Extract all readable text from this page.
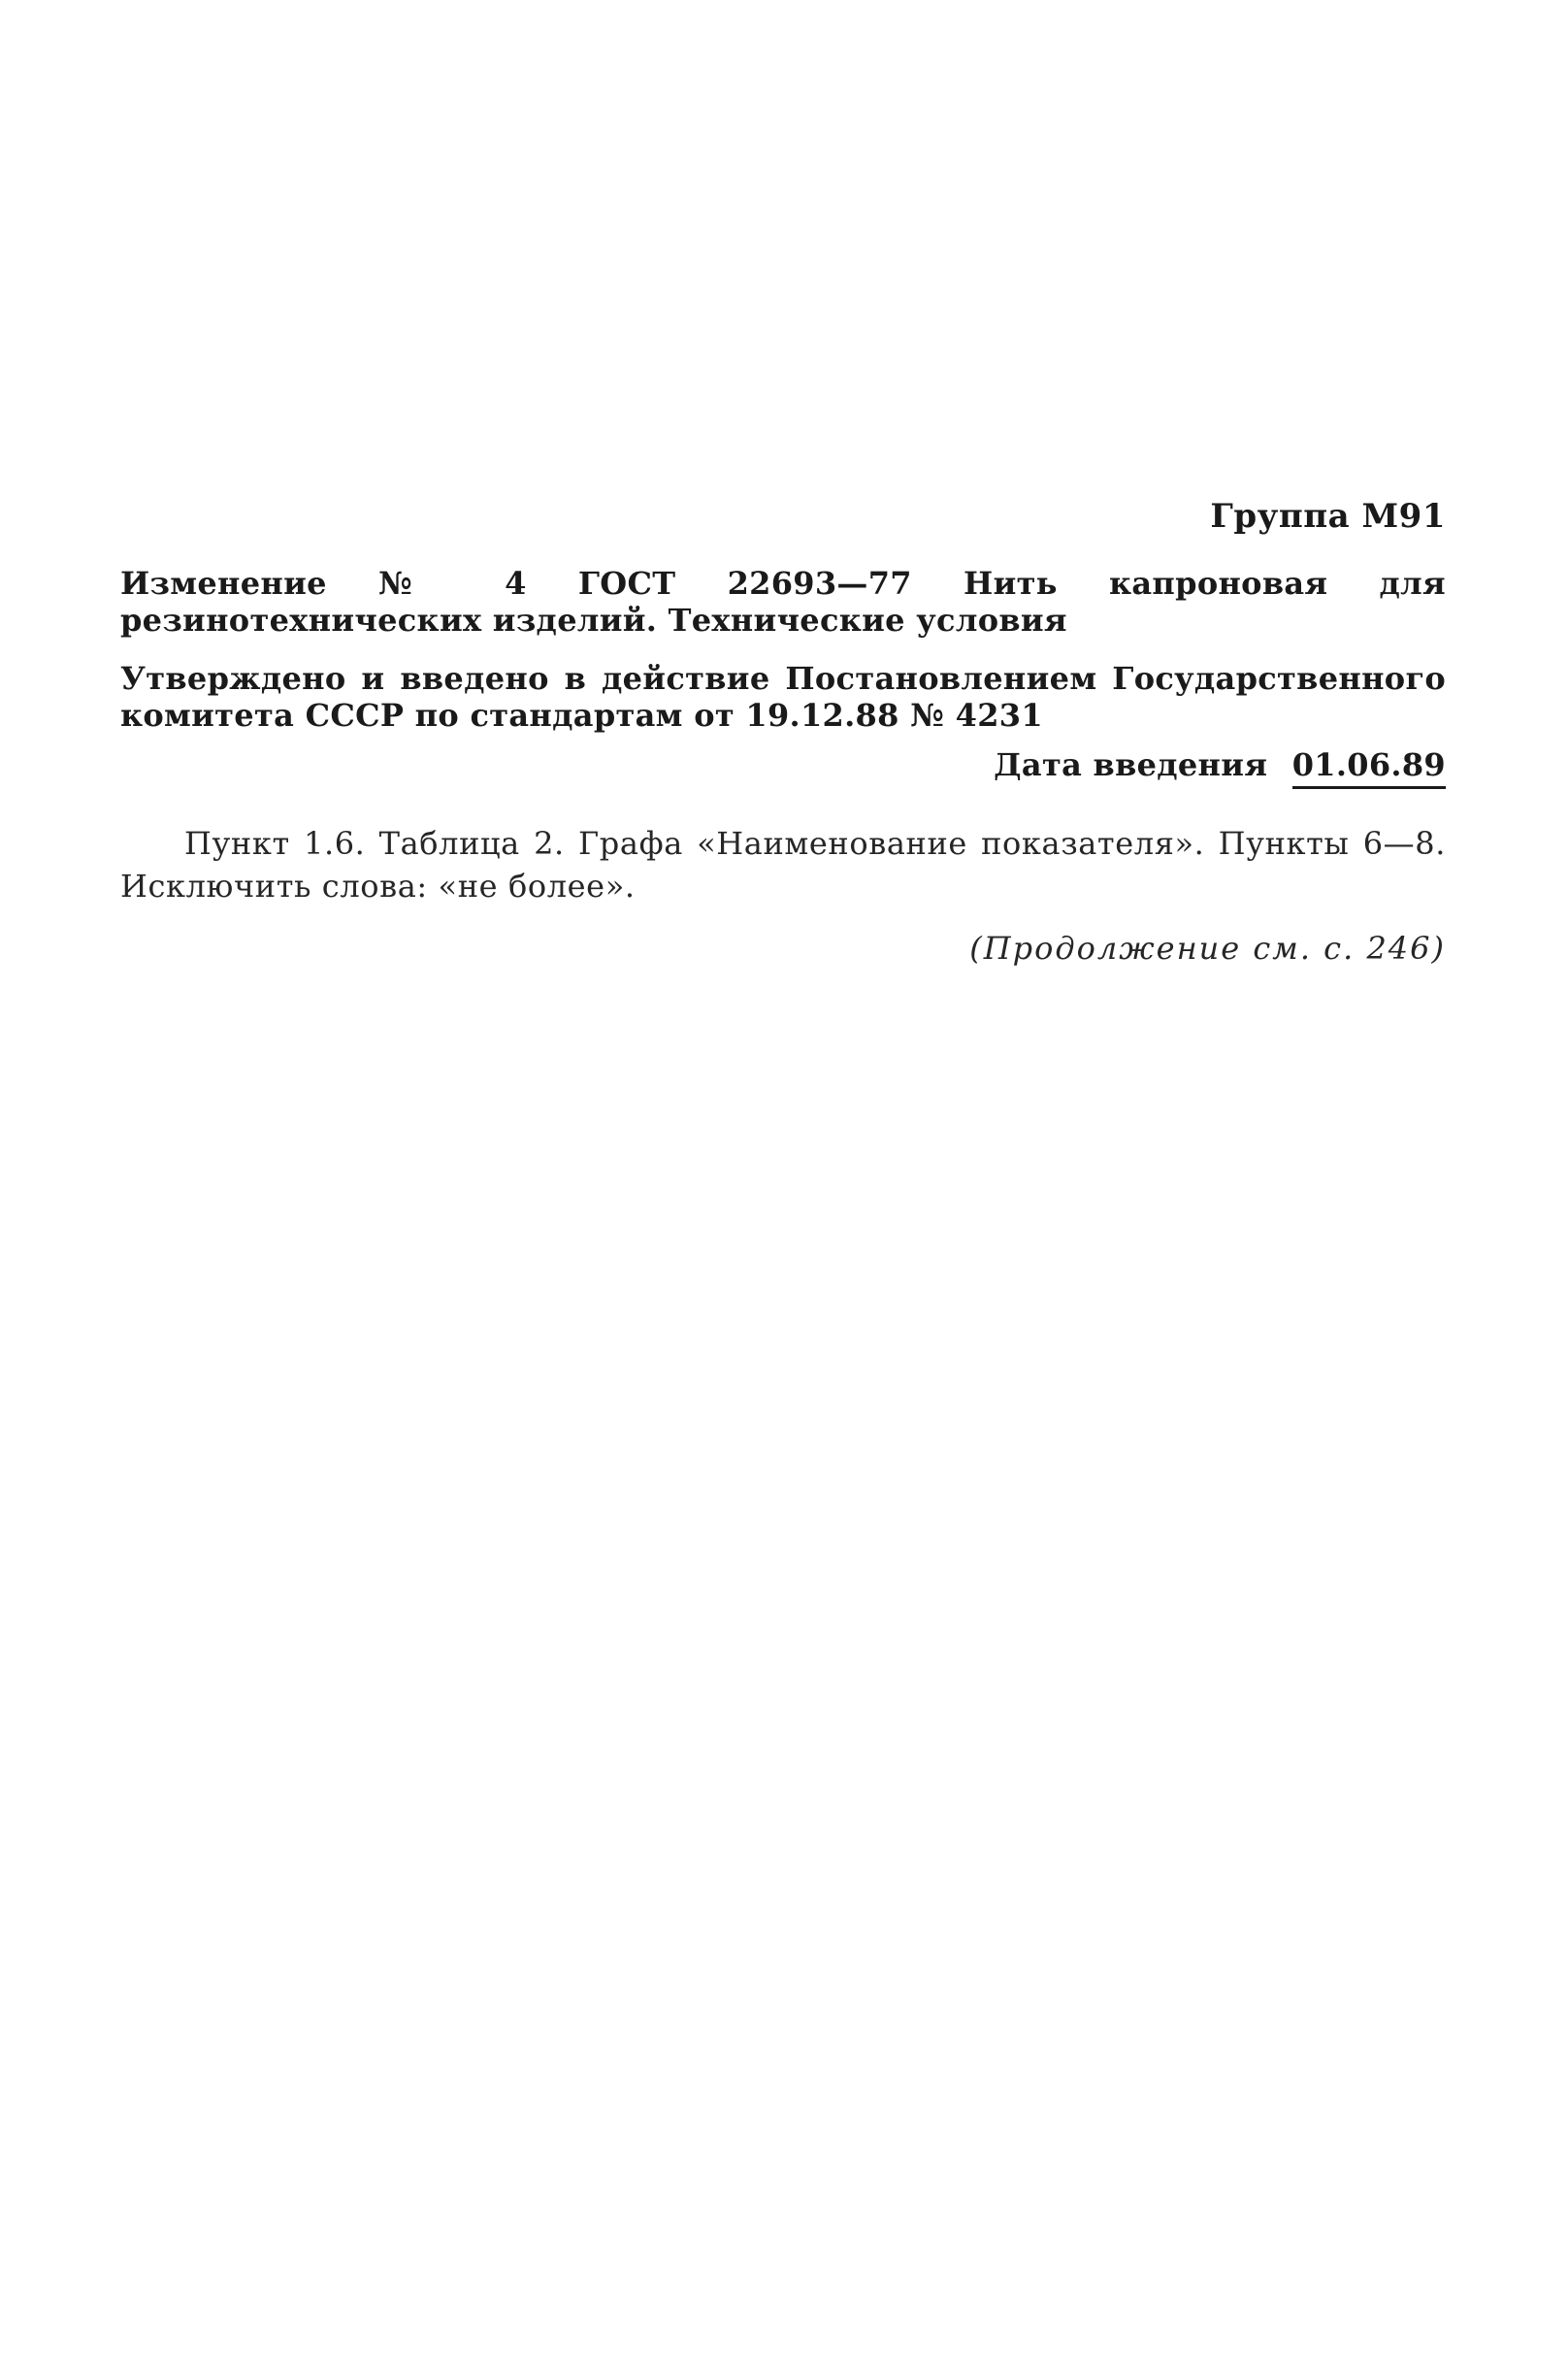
Группа М91

Изменение № 4 ГОСТ 22693—77 Нить капроновая для резинотехнических изделий. Технические условия

Утверждено и введено в действие Постановлением Государственного комитета СССР по стандартам от 19.12.88 № 4231

Дата введения 01.06.89

Пункт 1.6. Таблица 2. Графа «Наименование показателя». Пункты 6—8. Исключить слова: «не более».

(Продолжение см. с. 246)
